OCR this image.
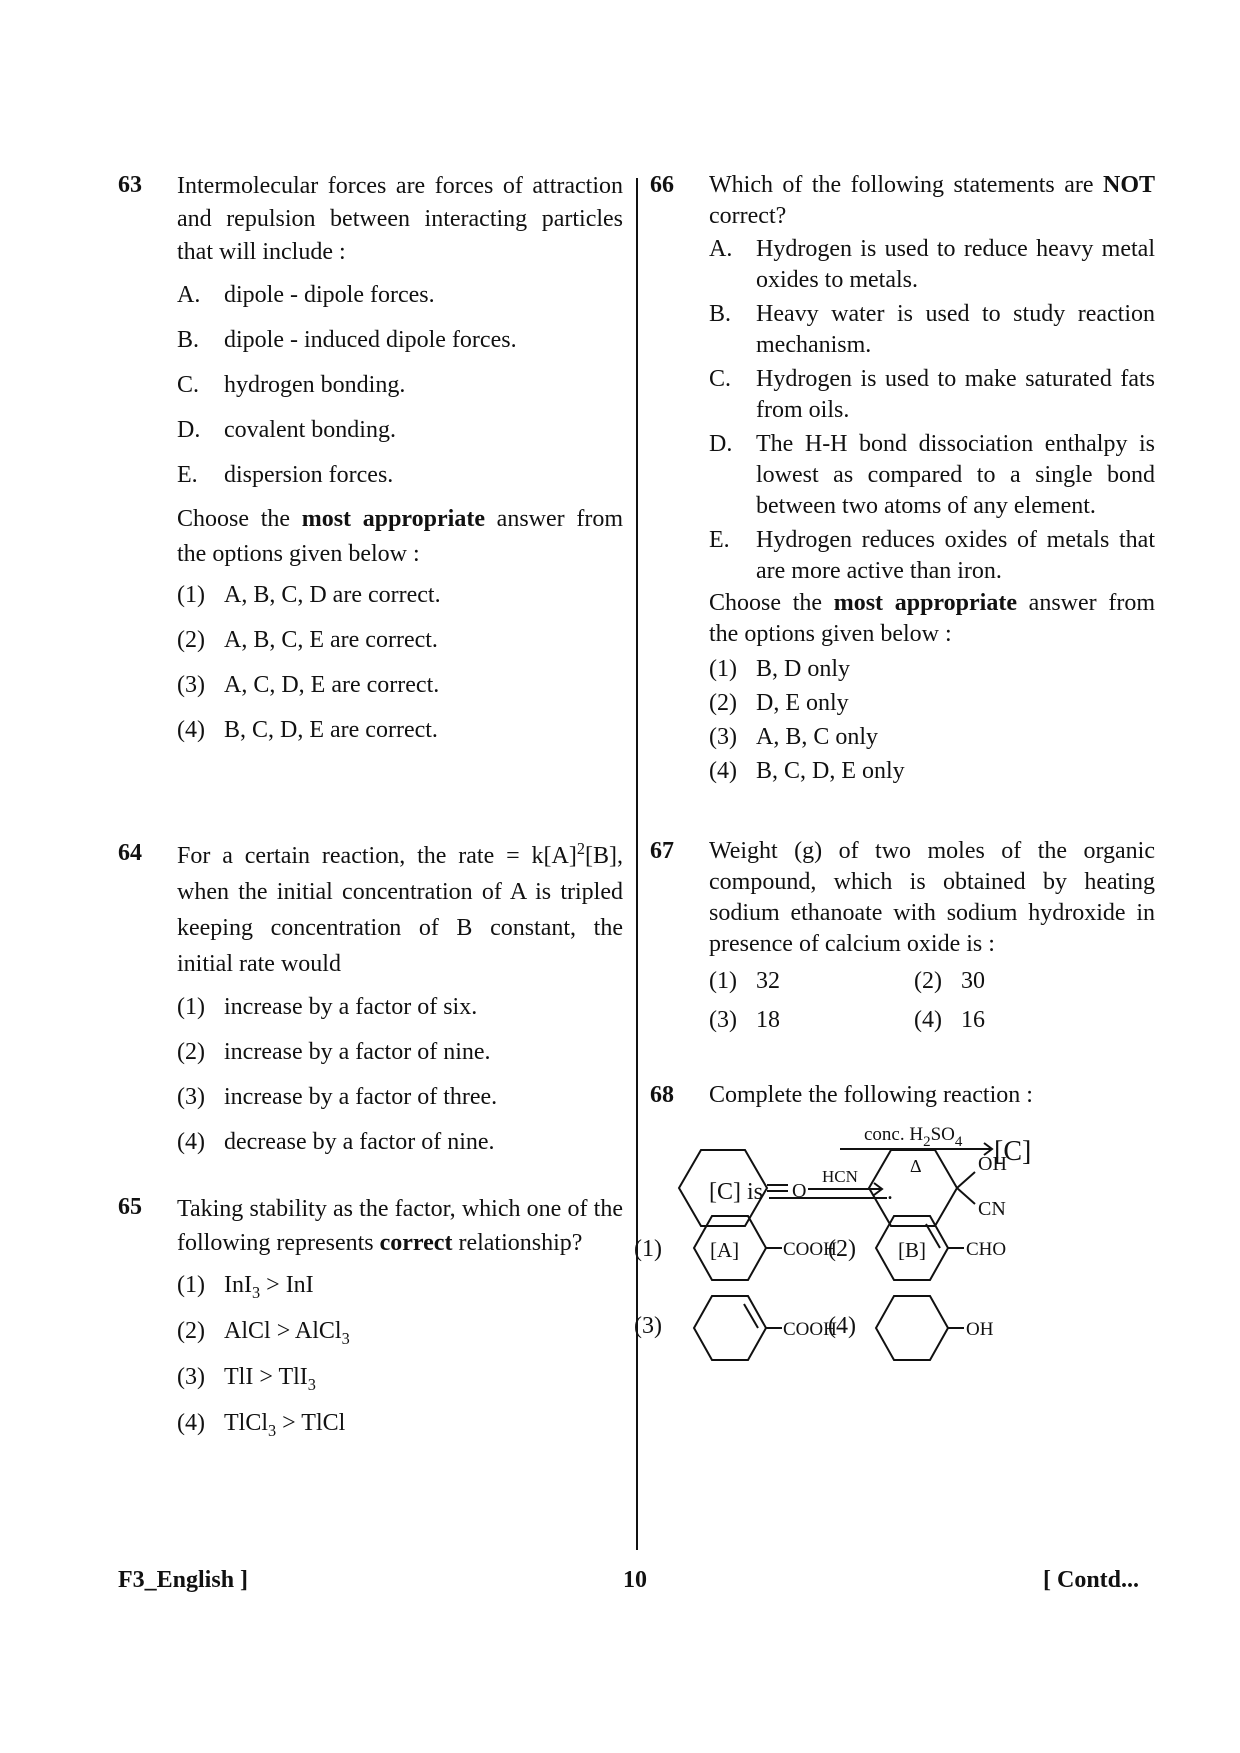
63	Intermolecular forces are forces of attraction and repulsion between interacting particles that will include :
A. dipole - dipole forces.
B.	dipole - induced dipole forces.
C.	hydrogen bonding.
D. covalent bonding.
E.	dispersion forces.
Choose the most appropriate answer from the options given below :
(1) A, B, C, D are correct.
(2) A, B, C, E are correct.
(3) A, C, D, E are correct.
(4) B, C, D, E are correct.
64	For a certain reaction, the rate = $k[A]^2[B]$, when the initial concentration of A is tripled keeping concentration of B constant, the initial rate would
(1) increase by a factor of six.
(2) increase by a factor of nine.
(3) increase by a factor of three.
(4) decrease by a factor of nine.
65	Taking stability as the factor, which one of the following represents correct relationship?
(1) InI$_3$ > InI
(2) AlCl > AlCl$_3$
(3) TlI > TlI$_3$
(4) TlCl$_3$ > TlCl
66	Which of the following statements are NOT correct?
A. Hydrogen is used to reduce heavy metal oxides to metals.
B.	Heavy water is used to study reaction mechanism.
C.	Hydrogen is used to make saturated fats from oils.
D. The H-H bond dissociation enthalpy is lowest as compared to a single bond between two atoms of any element.
E.	Hydrogen reduces oxides of metals that are more active than iron.
Choose the most appropriate answer from the options given below :
(1) B, D only
(2) D, E only
(3) A, B, C only
(4) B, C, D, E only
67	Weight (g) of two moles of the organic compound, which is obtained by heating sodium ethanoate with sodium hydroxide in presence of calcium oxide is :
(1) 32	(2) 30
(3) 18	(4) 16
68	Complete the following reaction :
O
HCN
OH
CN
[A]	[B]
conc. $H_2SO_4$
Δ	[C]
[C] is	.
(1)	COOH
(2)	CHO
(3)	COOH
(4)	OH
F3_English ]	10	[ Contd...
